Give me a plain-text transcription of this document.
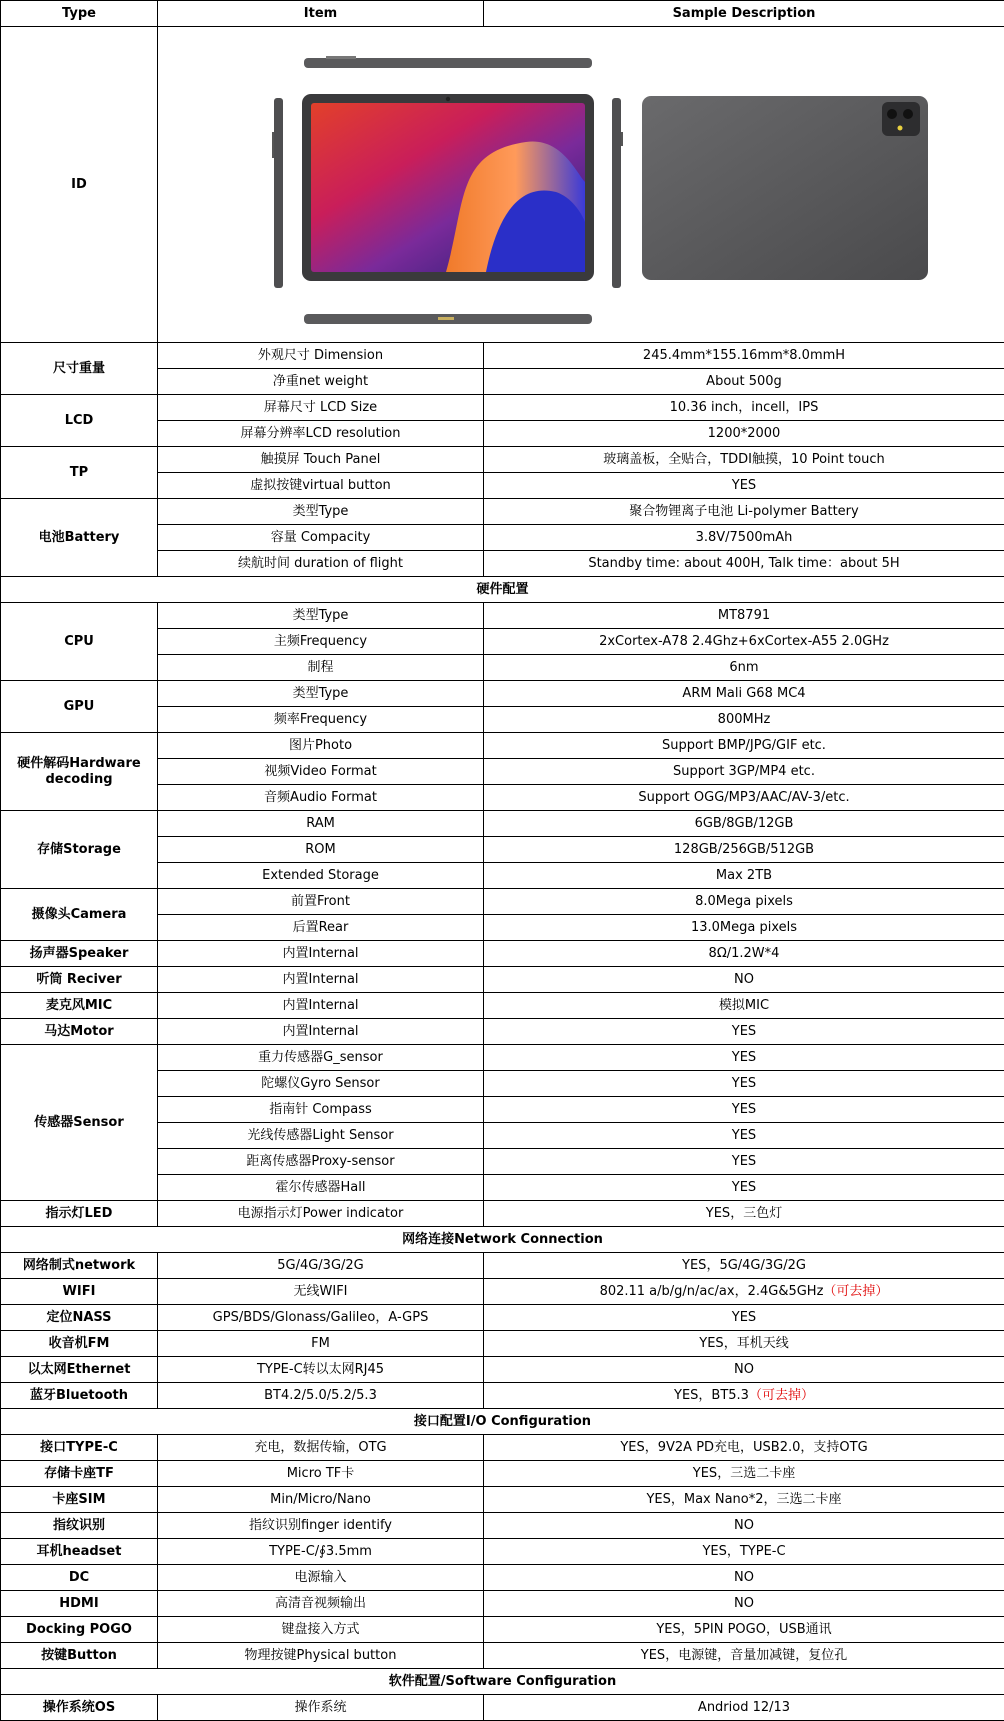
Type	Item	Sample Description
ID	
尺寸重量	外观尺寸 Dimension	245.4mm*155.16mm*8.0mmH
	净重net weight	About 500g
LCD	屏幕尺寸 LCD Size	10.36 inch，incell，IPS
	屏幕分辨率LCD resolution	1200*2000
TP	触摸屏 Touch Panel	玻璃盖板，全贴合，TDDI触摸，10 Point touch
	虚拟按键virtual button	YES
电池Battery	类型Type	聚合物锂离子电池 Li-polymer Battery
	容量 Compacity	3.8V/7500mAh
	续航时间 duration of flight	Standby time: about 400H, Talk time：about 5H
硬件配置		
CPU	类型Type	MT8791
	主频Frequency	2xCortex-A78 2.4Ghz+6xCortex-A55 2.0GHz
	制程	6nm
GPU	类型Type	ARM Mali G68 MC4
	频率Frequency	800MHz
硬件解码Hardware decoding	图片Photo	Support BMP/JPG/GIF etc.
	视频Video Format	Support 3GP/MP4 etc.
	音频Audio Format	Support OGG/MP3/AAC/AV-3/etc.
存储Storage	RAM	6GB/8GB/12GB
	ROM	128GB/256GB/512GB
	Extended Storage	Max 2TB
摄像头Camera	前置Front	8.0Mega pixels
	后置Rear	13.0Mega pixels
扬声器Speaker	内置Internal	8Ω/1.2W*4
听筒 Reciver	内置Internal	NO
麦克风MIC	内置Internal	模拟MIC
马达Motor	内置Internal	YES
传感器Sensor	重力传感器G_sensor	YES
	陀螺仪Gyro Sensor	YES
	指南针 Compass	YES
	光线传感器Light Sensor	YES
	距离传感器Proxy-sensor	YES
	霍尔传感器Hall	YES
指示灯LED	电源指示灯Power indicator	YES，三色灯
网络连接Network Connection		
网络制式network	5G/4G/3G/2G	YES，5G/4G/3G/2G
WIFI	无线WIFI	802.11 a/b/g/n/ac/ax，2.4G&5GHz（可去掉）
定位NASS	GPS/BDS/Glonass/Galileo，A-GPS	YES
收音机FM	FM	YES，耳机天线
以太网Ethernet	TYPE-C转以太网RJ45	NO
蓝牙Bluetooth	BT4.2/5.0/5.2/5.3	YES，BT5.3（可去掉）
接口配置I/O Configuration		
接口TYPE-C	充电，数据传输，OTG	YES，9V2A PD充电，USB2.0，支持OTG
存储卡座TF	Micro TF卡	YES，三选二卡座
卡座SIM	Min/Micro/Nano	YES，Max Nano*2，三选二卡座
指纹识别	指纹识别finger identify	NO
耳机headset	TYPE-C/∮3.5mm	YES，TYPE-C
DC	电源输入	NO
HDMI	高清音视频输出	NO
Docking POGO	键盘接入方式	YES，5PIN POGO，USB通讯
按键Button	物理按键Physical button	YES，电源键，音量加减键，复位孔
软件配置/Software Configuration		
操作系统OS	操作系统	Andriod 12/13
